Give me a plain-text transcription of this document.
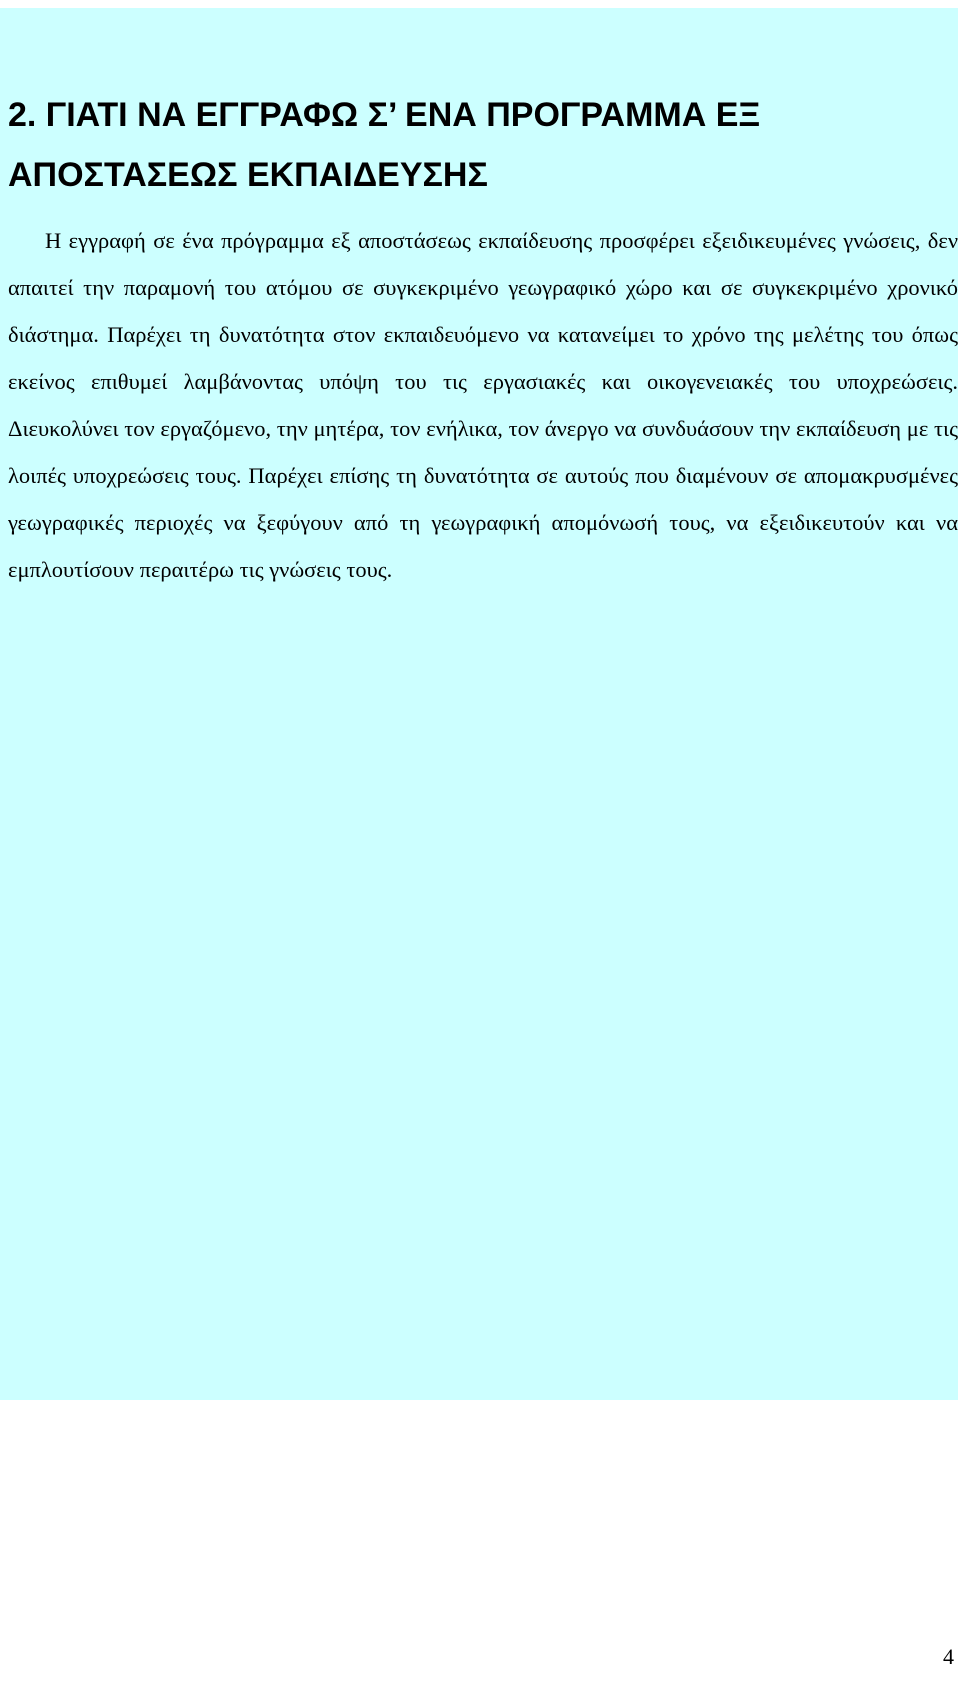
2. ΓΙΑΤΙ ΝΑ ΕΓΓΡΑΦΩ Σ’ ΕΝΑ ΠΡΟΓΡΑΜΜΑ ΕΞ ΑΠΟΣΤΑΣΕΩΣ ΕΚΠΑΙΔΕΥΣΗΣ

Η εγγραφή σε ένα πρόγραμμα εξ αποστάσεως εκπαίδευσης προσφέρει εξειδικευμένες γνώσεις, δεν απαιτεί την παραμονή του ατόμου σε συγκεκριμένο γεωγραφικό χώρο και σε συγκεκριμένο χρονικό διάστημα. Παρέχει τη δυνατότητα στον εκπαιδευόμενο να κατανείμει το χρόνο της μελέτης του όπως εκείνος επιθυμεί λαμβάνοντας υπόψη του τις εργασιακές και οικογενειακές του υποχρεώσεις. Διευκολύνει τον εργαζόμενο, την μητέρα, τον ενήλικα, τον άνεργο να συνδυάσουν την εκπαίδευση με τις λοιπές υποχρεώσεις τους. Παρέχει επίσης τη δυνατότητα σε αυτούς που διαμένουν σε απομακρυσμένες γεωγραφικές περιοχές να ξεφύγουν από τη γεωγραφική απομόνωσή τους, να εξειδικευτούν και να εμπλουτίσουν περαιτέρω τις γνώσεις τους.

4
